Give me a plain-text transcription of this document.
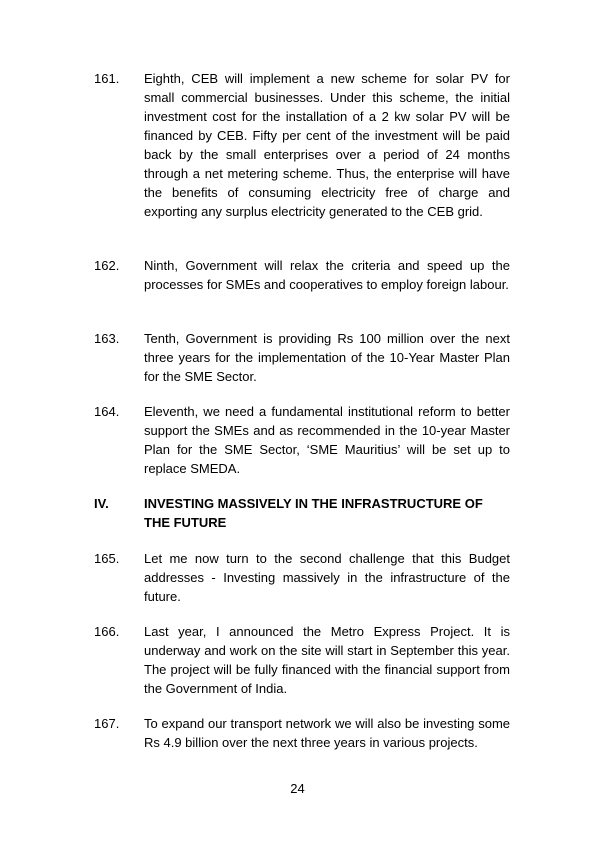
161. Eighth, CEB will implement a new scheme for solar PV for small commercial businesses. Under this scheme, the initial investment cost for the installation of a 2 kw solar PV will be financed by CEB. Fifty per cent of the investment will be paid back by the small enterprises over a period of 24 months through a net metering scheme. Thus, the enterprise will have the benefits of consuming electricity free of charge and exporting any surplus electricity generated to the CEB grid.
162. Ninth, Government will relax the criteria and speed up the processes for SMEs and cooperatives to employ foreign labour.
163. Tenth, Government is providing Rs 100 million over the next three years for the implementation of the 10-Year Master Plan for the SME Sector.
164. Eleventh, we need a fundamental institutional reform to better support the SMEs and as recommended in the 10-year Master Plan for the SME Sector, ‘SME Mauritius’ will be set up to replace SMEDA.
IV.	INVESTING MASSIVELY IN THE INFRASTRUCTURE OF THE FUTURE
165. Let me now turn to the second challenge that this Budget addresses - Investing massively in the infrastructure of the future.
166. Last year, I announced the Metro Express Project. It is underway and work on the site will start in September this year. The project will be fully financed with the financial support from the Government of India.
167. To expand our transport network we will also be investing some Rs 4.9 billion over the next three years in various projects.
24
